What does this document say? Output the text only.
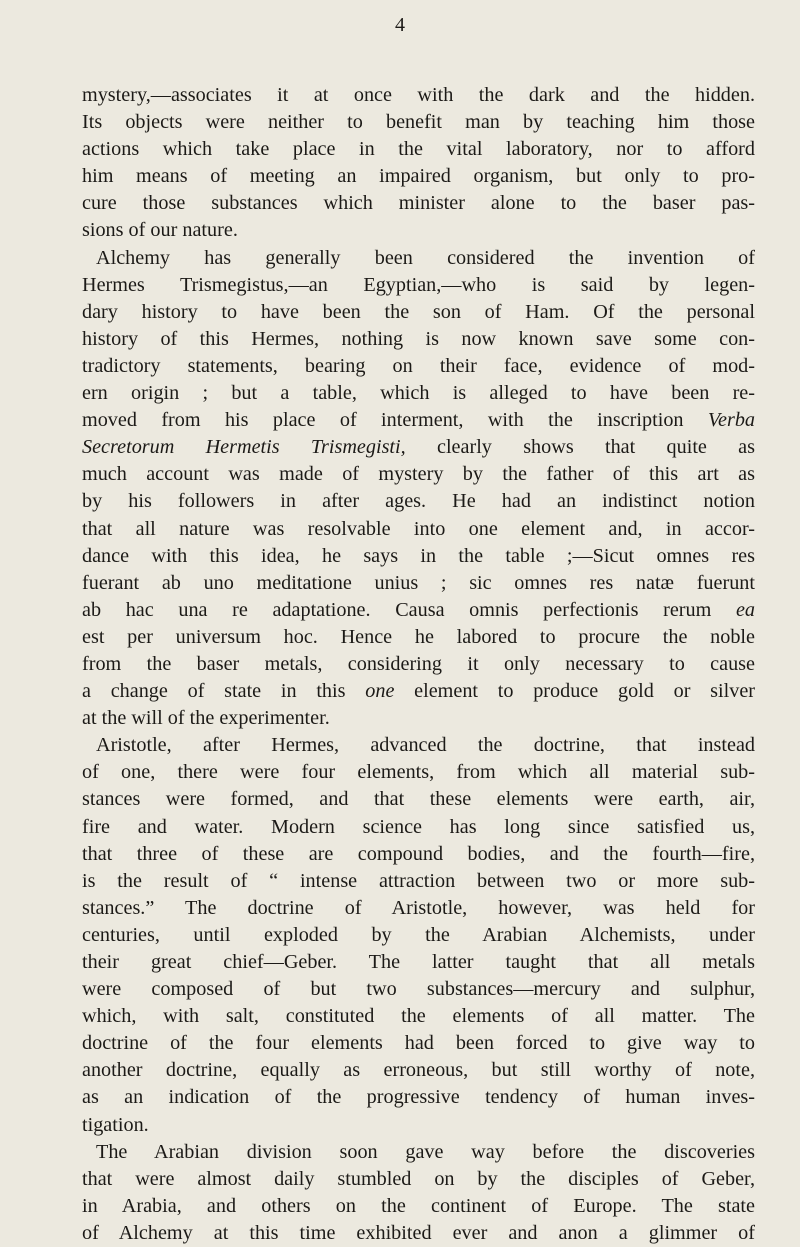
4
mystery,—associates it at once with the dark and the hidden.
Its objects were neither to benefit man by teaching him those
actions which take place in the vital laboratory, nor to afford
him means of meeting an impaired organism, but only to pro-
cure those substances which minister alone to the baser pas-
sions of our nature.
Alchemy has generally been considered the invention of
Hermes Trismegistus,—an Egyptian,—who is said by legen-
dary history to have been the son of Ham. Of the personal
history of this Hermes, nothing is now known save some con-
tradictory statements, bearing on their face, evidence of mod-
ern origin ; but a table, which is alleged to have been re-
moved from his place of interment, with the inscription Verba
Secretorum Hermetis Trismegisti, clearly shows that quite as
much account was made of mystery by the father of this art as
by his followers in after ages. He had an indistinct notion
that all nature was resolvable into one element and, in accor-
dance with this idea, he says in the table ;—Sicut omnes res
fuerant ab uno meditatione unius ; sic omnes res natæ fuerunt
ab hac una re adaptatione. Causa omnis perfectionis rerum ea
est per universum hoc. Hence he labored to procure the noble
from the baser metals, considering it only necessary to cause
a change of state in this one element to produce gold or silver
at the will of the experimenter.
Aristotle, after Hermes, advanced the doctrine, that instead
of one, there were four elements, from which all material sub-
stances were formed, and that these elements were earth, air,
fire and water. Modern science has long since satisfied us,
that three of these are compound bodies, and the fourth—fire,
is the result of “ intense attraction between two or more sub-
stances.” The doctrine of Aristotle, however, was held for
centuries, until exploded by the Arabian Alchemists, under
their great chief—Geber. The latter taught that all metals
were composed of but two substances—mercury and sulphur,
which, with salt, constituted the elements of all matter. The
doctrine of the four elements had been forced to give way to
another doctrine, equally as erroneous, but still worthy of note,
as an indication of the progressive tendency of human inves-
tigation.
The Arabian division soon gave way before the discoveries
that were almost daily stumbled on by the disciples of Geber,
in Arabia, and others on the continent of Europe. The state
of Alchemy at this time exhibited ever and anon a glimmer of
